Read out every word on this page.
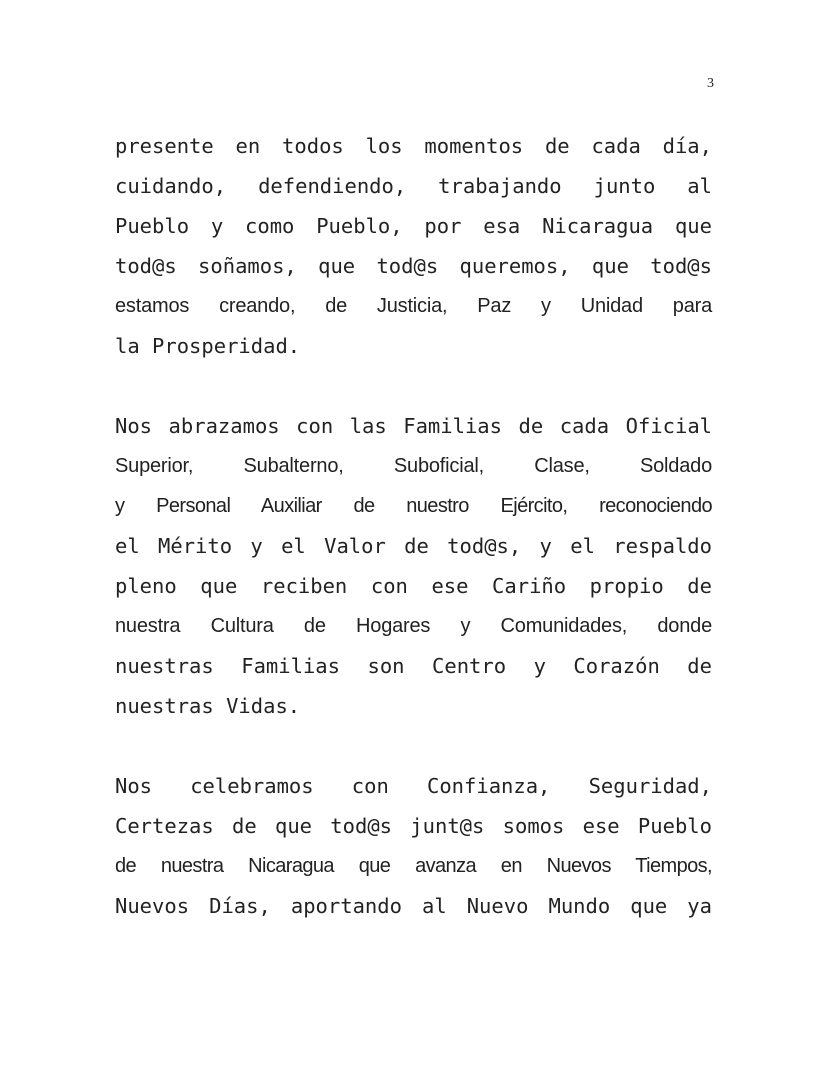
3
presente en todos los momentos de cada día,
cuidando, defendiendo, trabajando junto al
Pueblo y como Pueblo, por esa Nicaragua que
tod@s soñamos, que tod@s queremos, que tod@s
estamos creando, de Justicia, Paz y Unidad para
la Prosperidad.
Nos abrazamos con las Familias de cada Oficial
Superior, Subalterno, Suboficial, Clase, Soldado
y Personal Auxiliar de nuestro Ejército, reconociendo
el Mérito y el Valor de tod@s, y el respaldo
pleno que reciben con ese Cariño propio de
nuestra Cultura de Hogares y Comunidades, donde
nuestras Familias son Centro y Corazón de
nuestras Vidas.
Nos celebramos con Confianza, Seguridad,
Certezas de que tod@s junt@s somos ese Pueblo
de nuestra Nicaragua que avanza en Nuevos Tiempos,
Nuevos Días, aportando al Nuevo Mundo que ya
